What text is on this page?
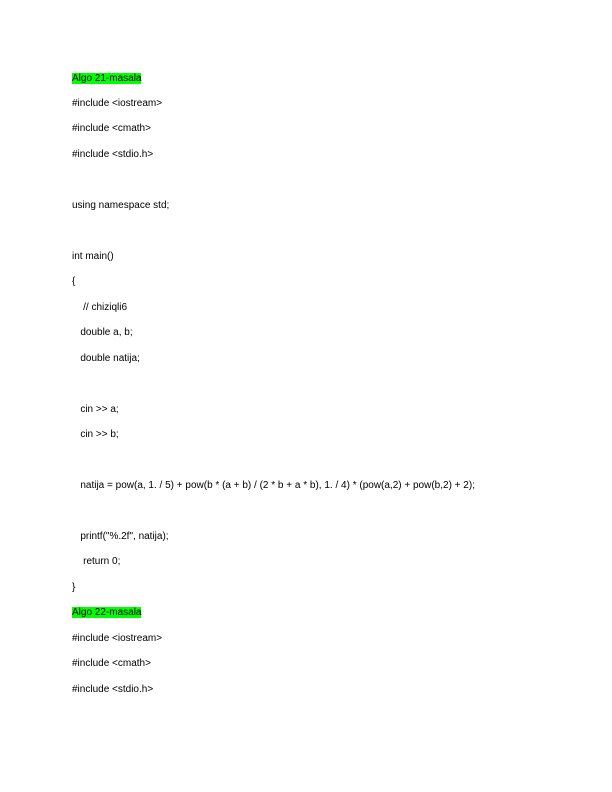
Algo 21-masala
#include <iostream>
#include <cmath>
#include <stdio.h>
using namespace std;
int main()
{
// chiziqli6
double a, b;
double natija;
cin >> a;
cin >> b;
natija = pow(a, 1. / 5) + pow(b * (a + b) / (2 * b + a * b), 1. / 4) * (pow(a,2) + pow(b,2) + 2);
printf("%.2f", natija);
return 0;
}
Algo 22-masala
#include <iostream>
#include <cmath>
#include <stdio.h>
